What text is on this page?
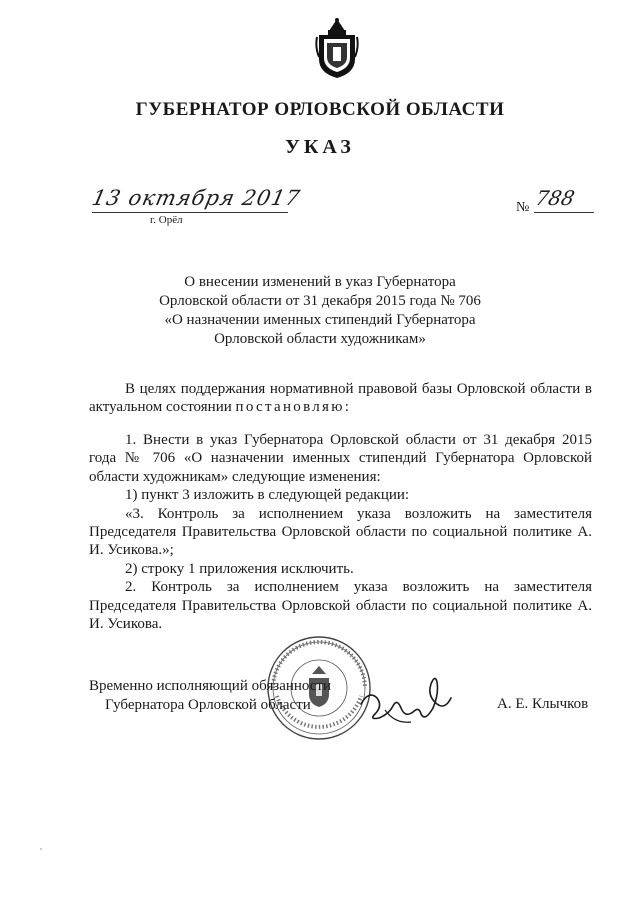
ГУБЕРНАТОР ОРЛОВСКОЙ ОБЛАСТИ
УКАЗ
13 октября 2017
г. Орёл
№ 788
О внесении изменений в указ Губернатора
Орловской области от 31 декабря 2015 года № 706
«О назначении именных стипендий Губернатора
Орловской области художникам»

В целях поддержания нормативной правовой базы Орловской области в актуальном состоянии постановляю:

1. Внести в указ Губернатора Орловской области от 31 декабря 2015 года № 706 «О назначении именных стипендий Губернатора Орловской области художникам» следующие изменения:

1) пункт 3 изложить в следующей редакции:

«3. Контроль за исполнением указа возложить на заместителя Председателя Правительства Орловской области по социальной политике А. И. Усикова.»;

2) строку 1 приложения исключить.

2. Контроль за исполнением указа возложить на заместителя Председателя Правительства Орловской области по социальной политике А. И. Усикова.

Временно исполняющий обязанности
Губернатора Орловской области	А. Е. Клычков
